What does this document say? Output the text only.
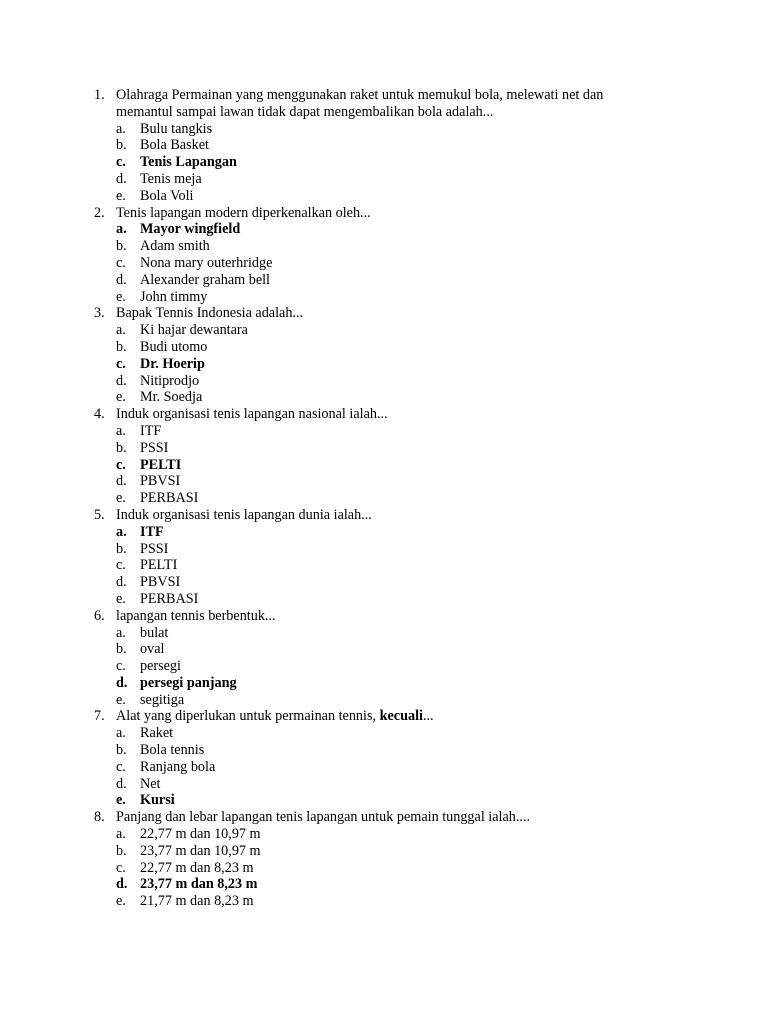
1. Olahraga Permainan yang menggunakan raket untuk memukul bola, melewati net dan memantul sampai lawan tidak dapat mengembalikan bola adalah...
a. Bulu tangkis
b. Bola Basket
c. Tenis Lapangan
d. Tenis meja
e. Bola Voli
2. Tenis lapangan modern diperkenalkan oleh...
a. Mayor wingfield
b. Adam smith
c. Nona mary outerhridge
d. Alexander graham bell
e. John timmy
3. Bapak Tennis Indonesia adalah...
a. Ki hajar dewantara
b. Budi utomo
c. Dr. Hoerip
d. Nitiprodjo
e. Mr. Soedja
4. Induk organisasi tenis lapangan nasional ialah...
a. ITF
b. PSSI
c. PELTI
d. PBVSI
e. PERBASI
5. Induk organisasi tenis lapangan dunia ialah...
a. ITF
b. PSSI
c. PELTI
d. PBVSI
e. PERBASI
6. lapangan tennis berbentuk...
a. bulat
b. oval
c. persegi
d. persegi panjang
e. segitiga
7. Alat yang diperlukan untuk permainan tennis, kecuali...
a. Raket
b. Bola tennis
c. Ranjang bola
d. Net
e. Kursi
8. Panjang dan lebar lapangan tenis lapangan untuk pemain tunggal ialah....
a. 22,77 m dan 10,97 m
b. 23,77 m dan 10,97 m
c. 22,77 m dan 8,23 m
d. 23,77 m dan 8,23 m
e. 21,77 m dan 8,23 m
